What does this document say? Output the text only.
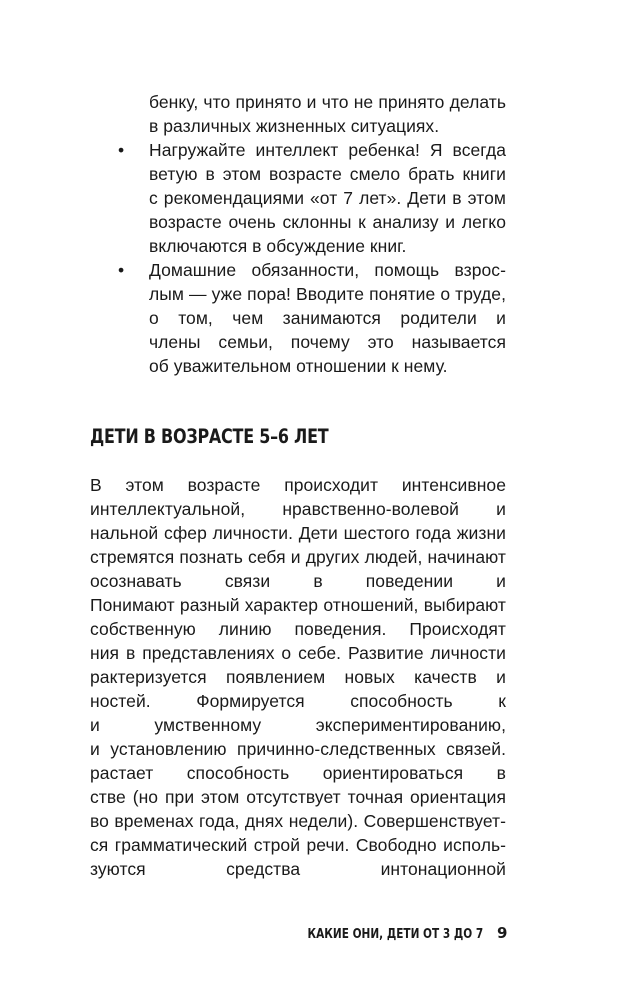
бенку, что принято и что не принято делать
в различных жизненных ситуациях.
• Нагружайте интеллект ребенка! Я всегда
ветую в этом возрасте смело брать книги
с рекомендациями «от 7 лет». Дети в этом
возрасте очень склонны к анализу и легко
включаются в обсуждение книг.
• Домашние обязанности, помощь взрос-
лым — уже пора! Вводите понятие о труде,
о том, чем занимаются родители и
члены семьи, почему это называется
об уважительном отношении к нему.
ДЕТИ В ВОЗРАСТЕ 5–6 ЛЕТ
В этом возрасте происходит интенсивное
интеллектуальной, нравственно-волевой и
нальной сфер личности. Дети шестого года жизни
стремятся познать себя и других людей, начинают
осознавать связи в поведении и
Понимают разный характер отношений, выбирают
собственную линию поведения. Происходят
ния в представлениях о себе. Развитие личности
рактеризуется появлением новых качеств и
ностей. Формируется способность к
и умственному экспериментированию,
и установлению причинно-следственных связей.
растает способность ориентироваться в
стве (но при этом отсутствует точная ориентация
во временах года, днях недели). Совершенствует-
ся грамматический строй речи. Свободно исполь-
зуются средства интонационной
КАКИЕ ОНИ, ДЕТИ ОТ 3 ДО 7 9
